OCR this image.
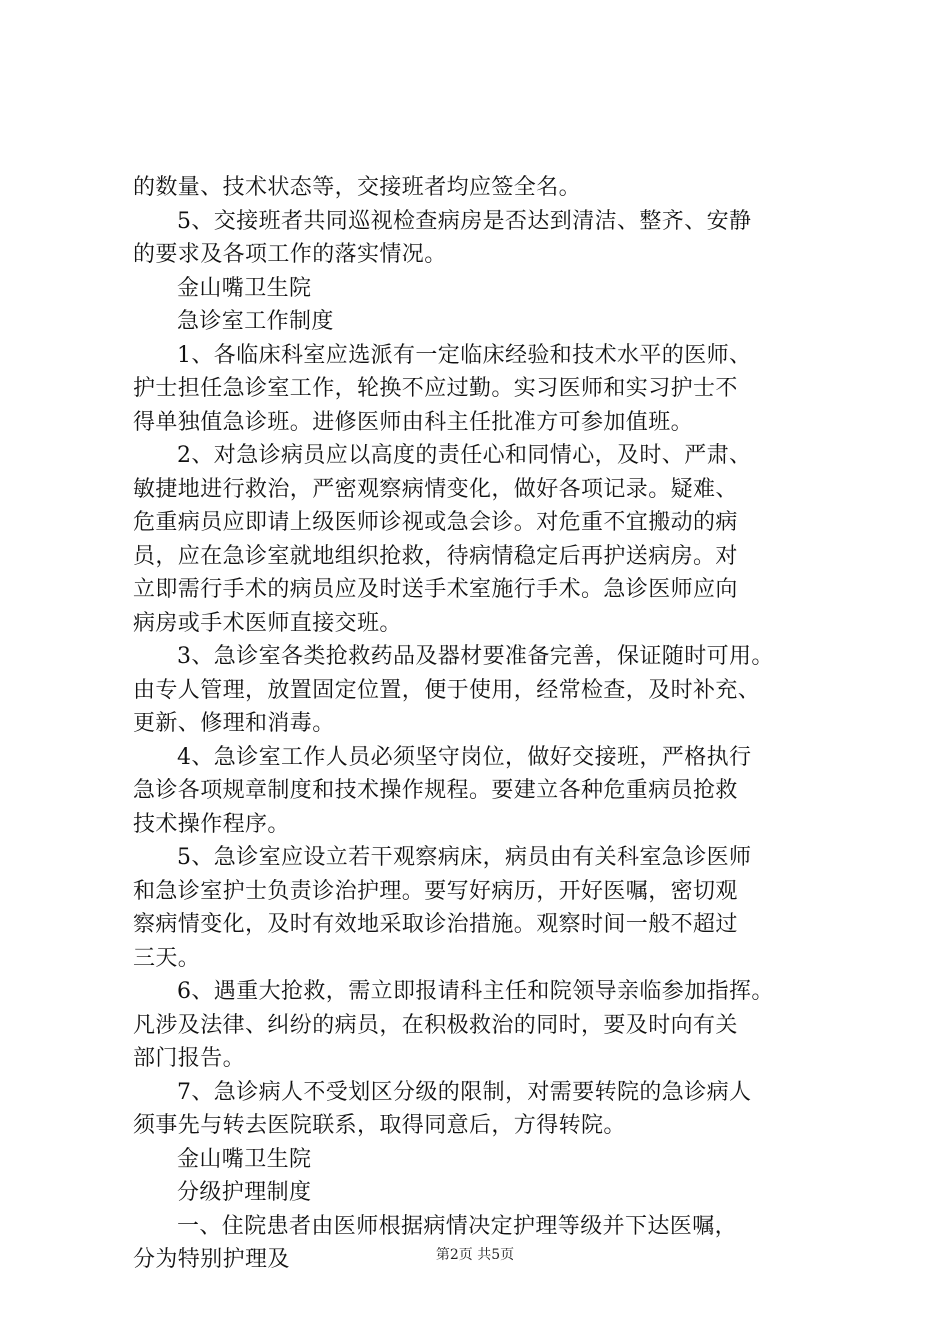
的数量、技术状态等，交接班者均应签全名。
5、交接班者共同巡视检查病房是否达到清洁、整齐、安静
的要求及各项工作的落实情况。
金山嘴卫生院
急诊室工作制度
1、各临床科室应选派有一定临床经验和技术水平的医师、
护士担任急诊室工作，轮换不应过勤。实习医师和实习护士不
得单独值急诊班。进修医师由科主任批准方可参加值班。
2、对急诊病员应以高度的责任心和同情心，及时、严肃、
敏捷地进行救治，严密观察病情变化，做好各项记录。疑难、
危重病员应即请上级医师诊视或急会诊。对危重不宜搬动的病
员，应在急诊室就地组织抢救，待病情稳定后再护送病房。对
立即需行手术的病员应及时送手术室施行手术。急诊医师应向
病房或手术医师直接交班。
3、急诊室各类抢救药品及器材要准备完善，保证随时可用。
由专人管理，放置固定位置，便于使用，经常检查，及时补充、
更新、修理和消毒。
4、急诊室工作人员必须坚守岗位，做好交接班，严格执行
急诊各项规章制度和技术操作规程。要建立各种危重病员抢救
技术操作程序。
5、急诊室应设立若干观察病床，病员由有关科室急诊医师
和急诊室护士负责诊治护理。要写好病历，开好医嘱，密切观
察病情变化，及时有效地采取诊治措施。观察时间一般不超过
三天。
6、遇重大抢救，需立即报请科主任和院领导亲临参加指挥。
凡涉及法律、纠纷的病员，在积极救治的同时，要及时向有关
部门报告。
7、急诊病人不受划区分级的限制，对需要转院的急诊病人
须事先与转去医院联系，取得同意后，方得转院。
金山嘴卫生院
分级护理制度
一、住院患者由医师根据病情决定护理等级并下达医嘱，
分为特别护理及	第2页 共5页
